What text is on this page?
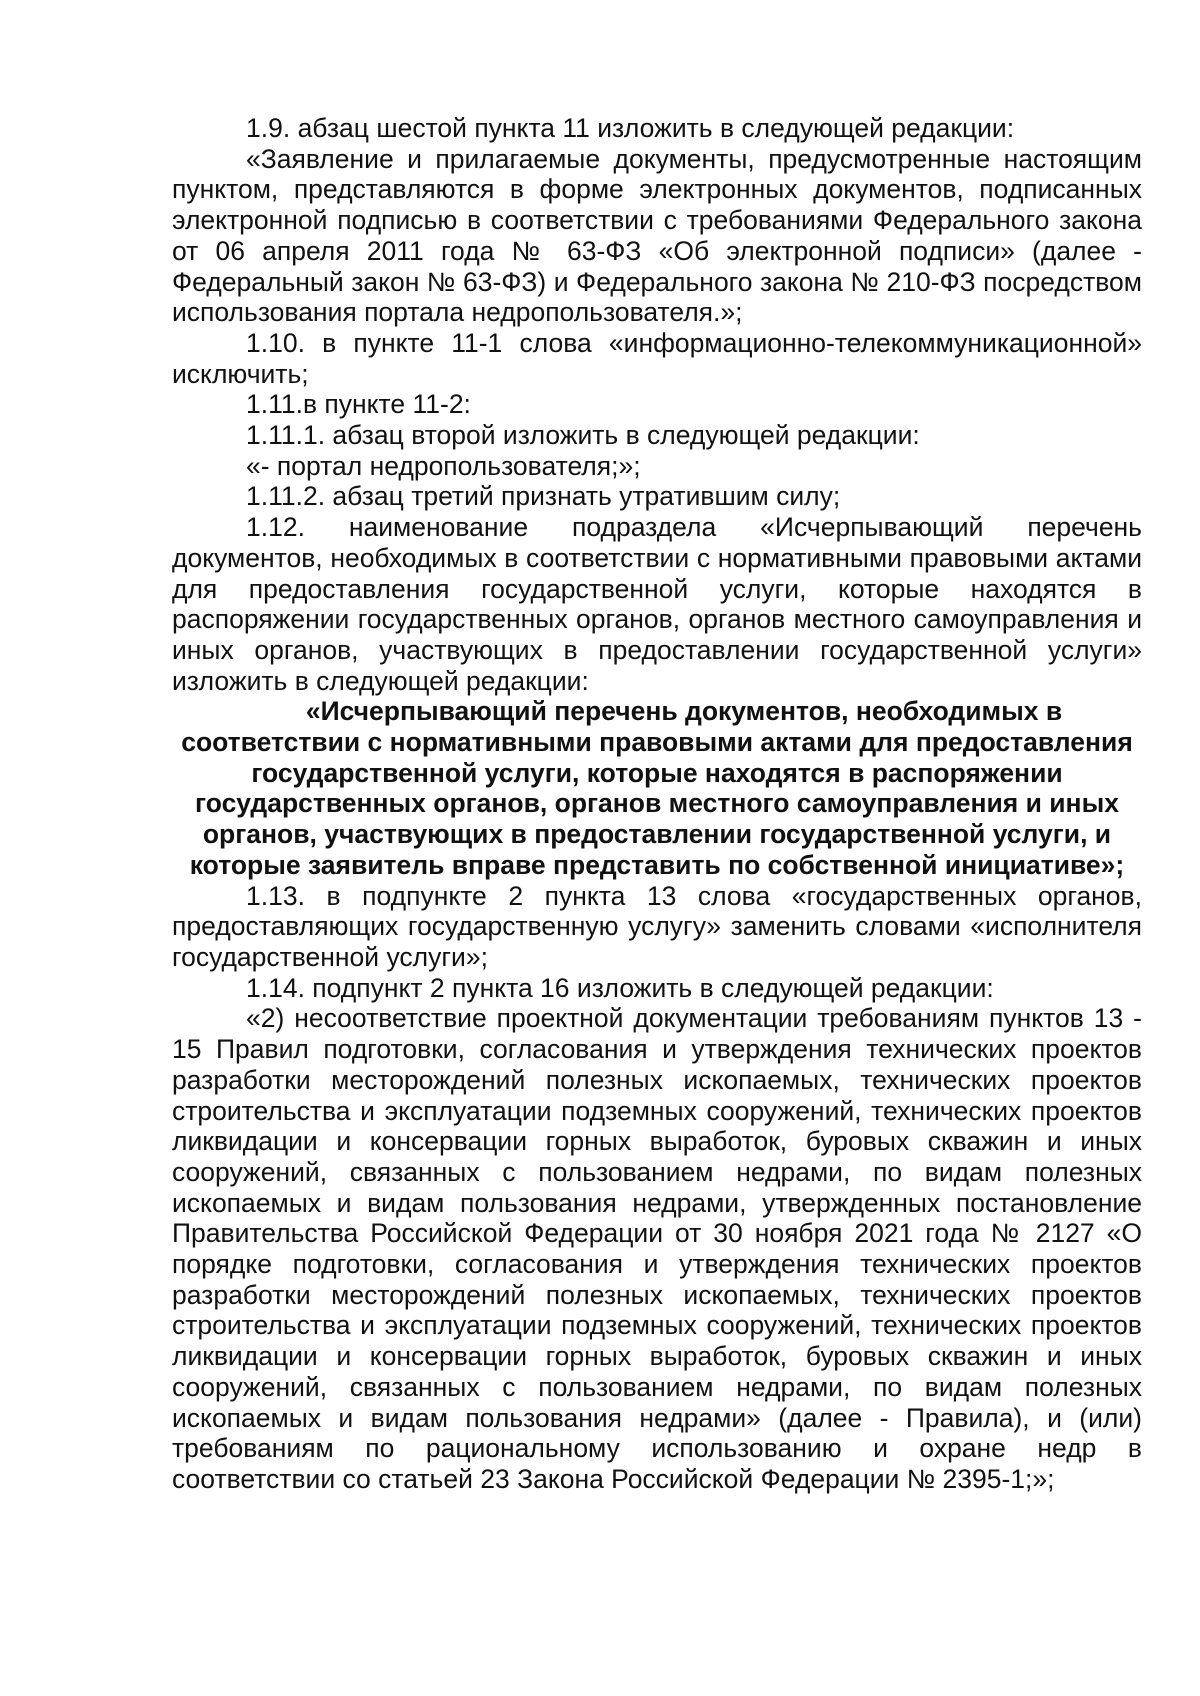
1.9. абзац шестой пункта 11 изложить в следующей редакции:

«Заявление и прилагаемые документы, предусмотренные настоящим пунктом, представляются в форме электронных документов, подписанных электронной подписью в соответствии с требованиями Федерального закона от 06 апреля 2011 года № 63-ФЗ «Об электронной подписи» (далее - Федеральный закон № 63-ФЗ) и Федерального закона № 210-ФЗ посредством использования портала недропользователя.»;

1.10. в пункте 11-1 слова «информационно-телекоммуникационной» исключить;

1.11.в пункте 11-2:

1.11.1. абзац второй изложить в следующей редакции:

«- портал недропользователя;»;

1.11.2. абзац третий признать утратившим силу;

1.12. наименование подраздела «Исчерпывающий перечень документов, необходимых в соответствии с нормативными правовыми актами для предоставления государственной услуги, которые находятся в распоряжении государственных органов, органов местного самоуправления и иных органов, участвующих в предоставлении государственной услуги» изложить в следующей редакции:

«Исчерпывающий перечень документов, необходимых в соответствии с нормативными правовыми актами для предоставления государственной услуги, которые находятся в распоряжении государственных органов, органов местного самоуправления и иных органов, участвующих в предоставлении государственной услуги, и которые заявитель вправе представить по собственной инициативе»;

1.13. в подпункте 2 пункта 13 слова «государственных органов, предоставляющих государственную услугу» заменить словами «исполнителя государственной услуги»;

1.14. подпункт 2 пункта 16 изложить в следующей редакции:

«2) несоответствие проектной документации требованиям пунктов 13 - 15 Правил подготовки, согласования и утверждения технических проектов разработки месторождений полезных ископаемых, технических проектов строительства и эксплуатации подземных сооружений, технических проектов ликвидации и консервации горных выработок, буровых скважин и иных сооружений, связанных с пользованием недрами, по видам полезных ископаемых и видам пользования недрами, утвержденных постановление Правительства Российской Федерации от 30 ноября 2021 года № 2127 «О порядке подготовки, согласования и утверждения технических проектов разработки месторождений полезных ископаемых, технических проектов строительства и эксплуатации подземных сооружений, технических проектов ликвидации и консервации горных выработок, буровых скважин и иных сооружений, связанных с пользованием недрами, по видам полезных ископаемых и видам пользования недрами» (далее - Правила), и (или) требованиям по рациональному использованию и охране недр в соответствии со статьей 23 Закона Российской Федерации № 2395-1;»;
